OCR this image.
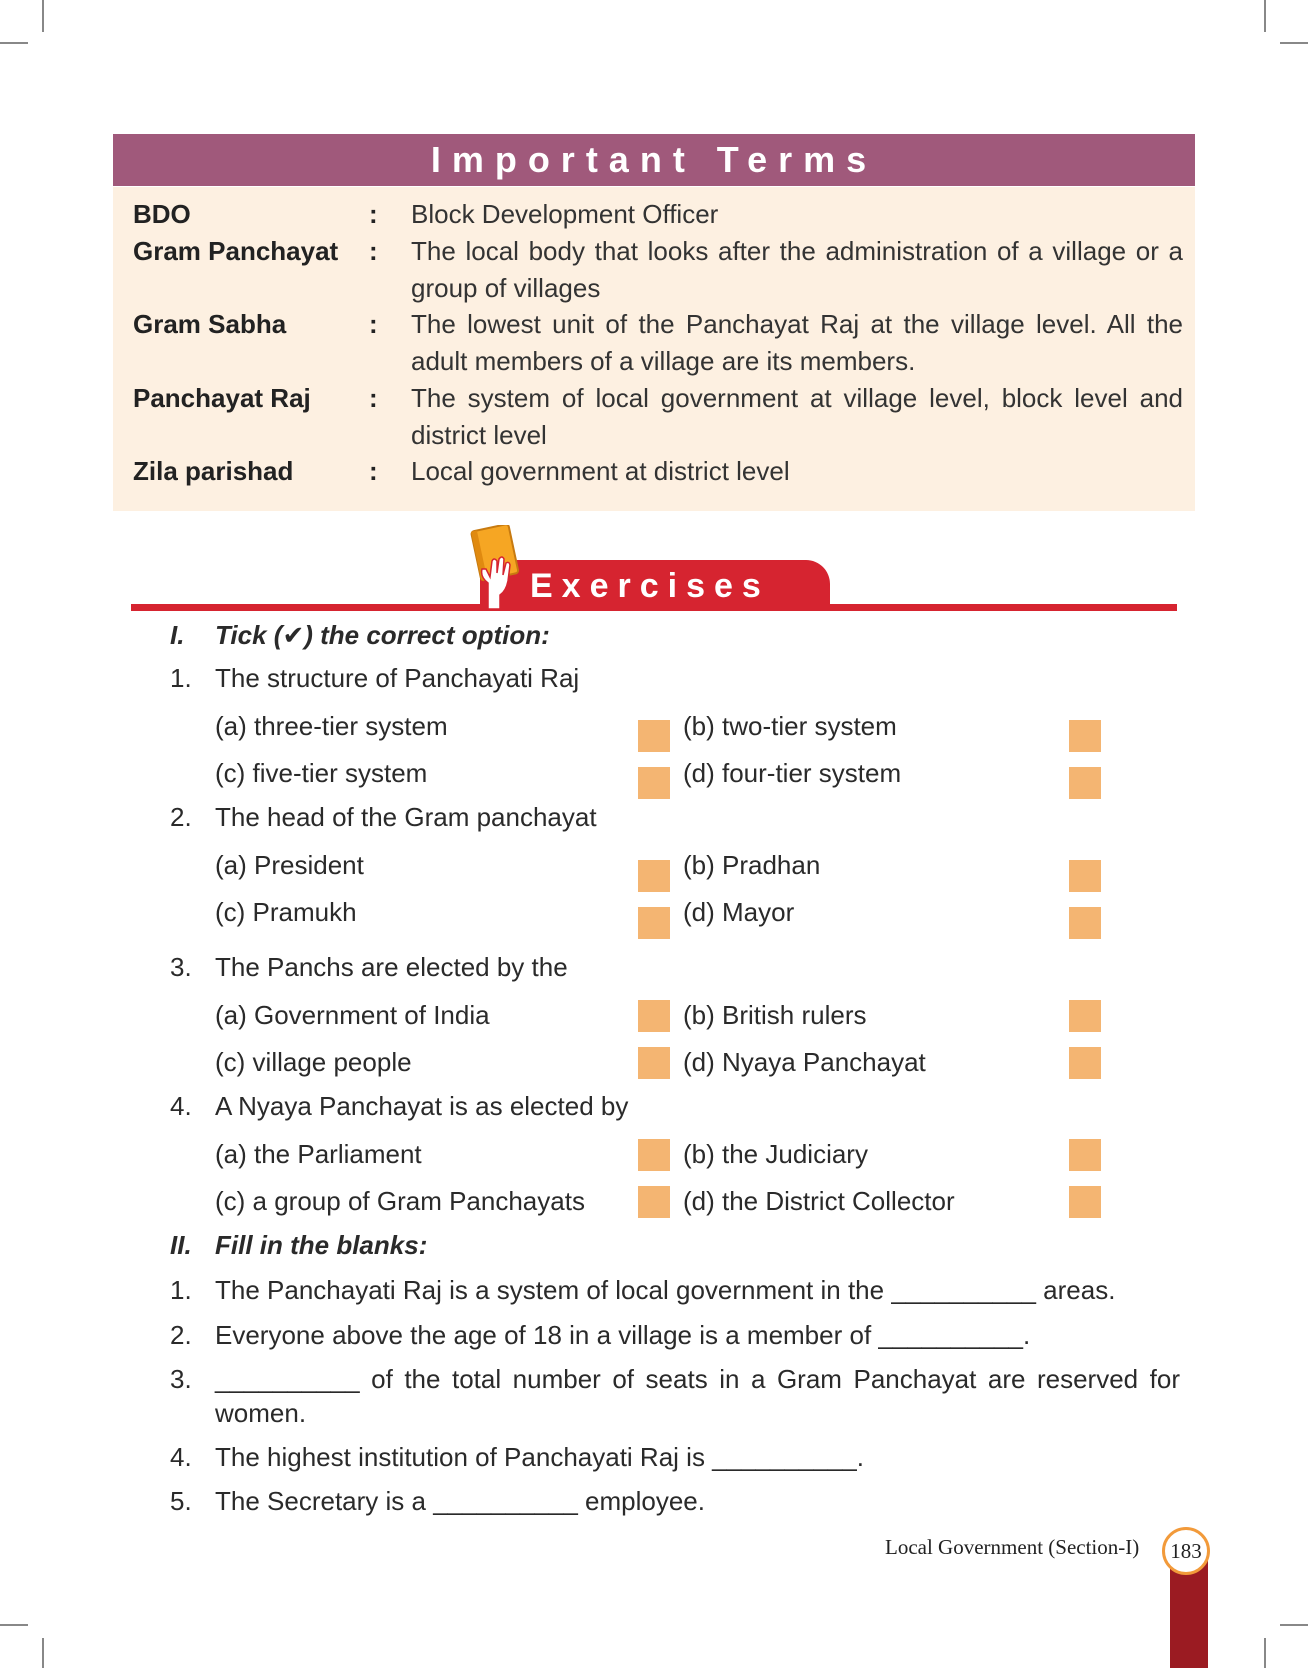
Important Terms
BDO	: Block Development Officer
Gram Panchayat	: The local body that looks after the administration of a village or a group of villages
Gram Sabha	: The lowest unit of the Panchayat Raj at the village level. All the adult members of a village are its members.
Panchayat Raj	: The system of local government at village level, block level and district level
Zila parishad	: Local government at district level
Exercises
I. Tick (✔) the correct option:
1. The structure of Panchayati Raj
(a) three-tier system	(b) two-tier system
(c) five-tier system	(d) four-tier system
2. The head of the Gram panchayat
(a) President	(b) Pradhan
(c) Pramukh	(d) Mayor
3. The Panchs are elected by the
(a) Government of India	(b) British rulers
(c) village people	(d) Nyaya Panchayat
4. A Nyaya Panchayat is as elected by
(a) the Parliament	(b) the Judiciary
(c) a group of Gram Panchayats	(d) the District Collector
II. Fill in the blanks:
1. The Panchayati Raj is a system of local government in the __________ areas.
2. Everyone above the age of 18 in a village is a member of __________.
3. __________ of the total number of seats in a Gram Panchayat are reserved for women.
4. The highest institution of Panchayati Raj is __________.
5. The Secretary is a __________ employee.
Local Government (Section-I)	183
